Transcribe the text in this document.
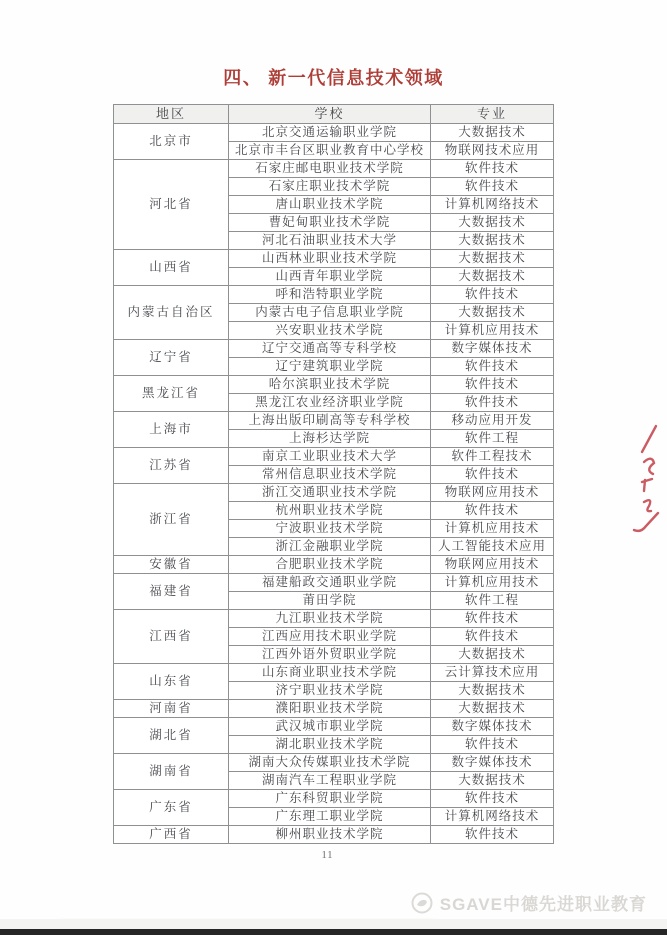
四、 新一代信息技术领域
地区	学校	专业
北京市	北京交通运输职业学院	大数据技术
	北京市丰台区职业教育中心学校	物联网技术应用
河北省	石家庄邮电职业技术学院	软件技术
	石家庄职业技术学院	软件技术
	唐山职业技术学院	计算机网络技术
	曹妃甸职业技术学院	大数据技术
	河北石油职业技术大学	大数据技术
山西省	山西林业职业技术学院	大数据技术
	山西青年职业学院	大数据技术
内蒙古自治区	呼和浩特职业学院	软件技术
	内蒙古电子信息职业学院	大数据技术
	兴安职业技术学院	计算机应用技术
辽宁省	辽宁交通高等专科学校	数字媒体技术
	辽宁建筑职业学院	软件技术
黑龙江省	哈尔滨职业技术学院	软件技术
	黑龙江农业经济职业学院	软件技术
上海市	上海出版印刷高等专科学校	移动应用开发
	上海杉达学院	软件工程
江苏省	南京工业职业技术大学	软件工程技术
	常州信息职业技术学院	软件技术
浙江省	浙江交通职业技术学院	物联网应用技术
	杭州职业技术学院	软件技术
	宁波职业技术学院	计算机应用技术
	浙江金融职业学院	人工智能技术应用
安徽省	合肥职业技术学院	物联网应用技术
福建省	福建船政交通职业学院	计算机应用技术
	莆田学院	软件工程
江西省	九江职业技术学院	软件技术
	江西应用技术职业学院	软件技术
	江西外语外贸职业学院	大数据技术
山东省	山东商业职业技术学院	云计算技术应用
	济宁职业技术学院	大数据技术
河南省	濮阳职业技术学院	大数据技术
湖北省	武汉城市职业学院	数字媒体技术
	湖北职业技术学院	软件技术
湖南省	湖南大众传媒职业技术学院	数字媒体技术
	湖南汽车工程职业学院	大数据技术
广东省	广东科贸职业学院	软件技术
	广东理工职业学院	计算机网络技术
广西省	柳州职业技术学院	软件技术
11
SGAVE中德先进职业教育
